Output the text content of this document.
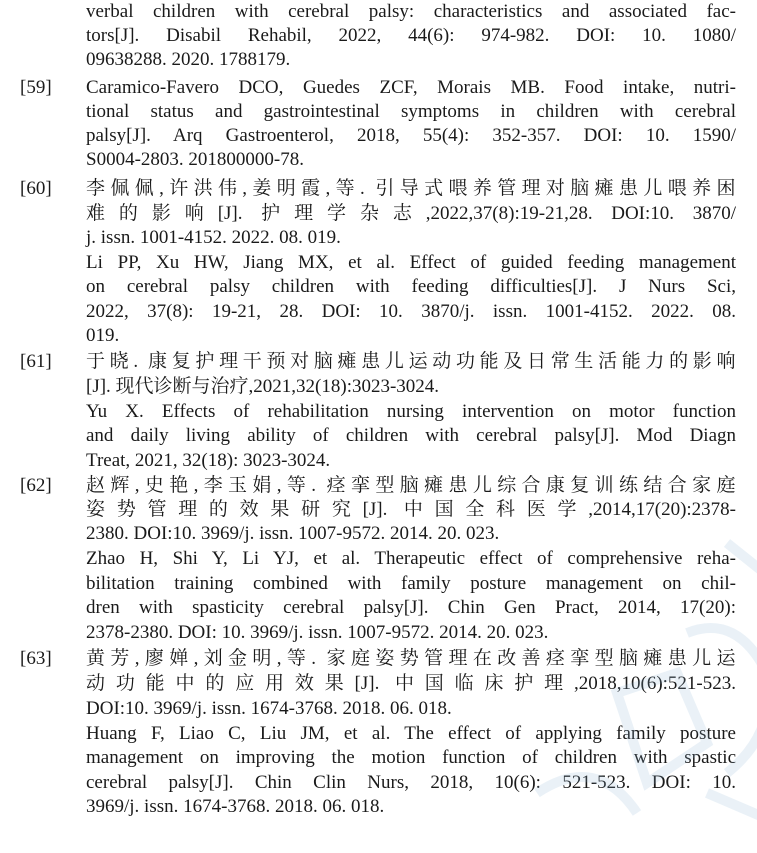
verbal children with cerebral palsy: characteristics and associated fac-
tors[J]. Disabil Rehabil, 2022, 44(6): 974-982. DOI: 10. 1080/
09638288. 2020. 1788179.
[59]	Caramico-Favero DCO, Guedes ZCF, Morais MB. Food intake, nutri-
tional status and gastrointestinal symptoms in children with cerebral
palsy[J]. Arq Gastroenterol, 2018, 55(4): 352-357. DOI: 10. 1590/
S0004-2803. 201800000-78.
[60]	李佩佩,许洪伟,姜明霞,等. 引导式喂养管理对脑瘫患儿喂养困
难的影响[J]. 护理学杂志,2022,37(8):19-21,28. DOI:10. 3870/
j. issn. 1001-4152. 2022. 08. 019.
Li PP, Xu HW, Jiang MX, et al. Effect of guided feeding management
on cerebral palsy children with feeding difficulties[J]. J Nurs Sci,
2022, 37(8): 19-21, 28. DOI: 10. 3870/j. issn. 1001-4152. 2022. 08.
019.
[61]	于晓. 康复护理干预对脑瘫患儿运动功能及日常生活能力的影响
[J]. 现代诊断与治疗,2021,32(18):3023-3024.
Yu X. Effects of rehabilitation nursing intervention on motor function
and daily living ability of children with cerebral palsy[J]. Mod Diagn
Treat, 2021, 32(18): 3023-3024.
[62]	赵辉,史艳,李玉娟,等. 痉挛型脑瘫患儿综合康复训练结合家庭
姿势管理的效果研究[J]. 中国全科医学,2014,17(20):2378-
2380. DOI:10. 3969/j. issn. 1007-9572. 2014. 20. 023.
Zhao H, Shi Y, Li YJ, et al. Therapeutic effect of comprehensive reha-
bilitation training combined with family posture management on chil-
dren with spasticity cerebral palsy[J]. Chin Gen Pract, 2014, 17(20):
2378-2380. DOI: 10. 3969/j. issn. 1007-9572. 2014. 20. 023.
[63]	黄芳,廖婵,刘金明,等. 家庭姿势管理在改善痉挛型脑瘫患儿运
动功能中的应用效果[J]. 中国临床护理,2018,10(6):521-523.
DOI:10. 3969/j. issn. 1674-3768. 2018. 06. 018.
Huang F, Liao C, Liu JM, et al. The effect of applying family posture
management on improving the motion function of children with spastic
cerebral palsy[J]. Chin Clin Nurs, 2018, 10(6): 521-523. DOI: 10.
3969/j. issn. 1674-3768. 2018. 06. 018.
